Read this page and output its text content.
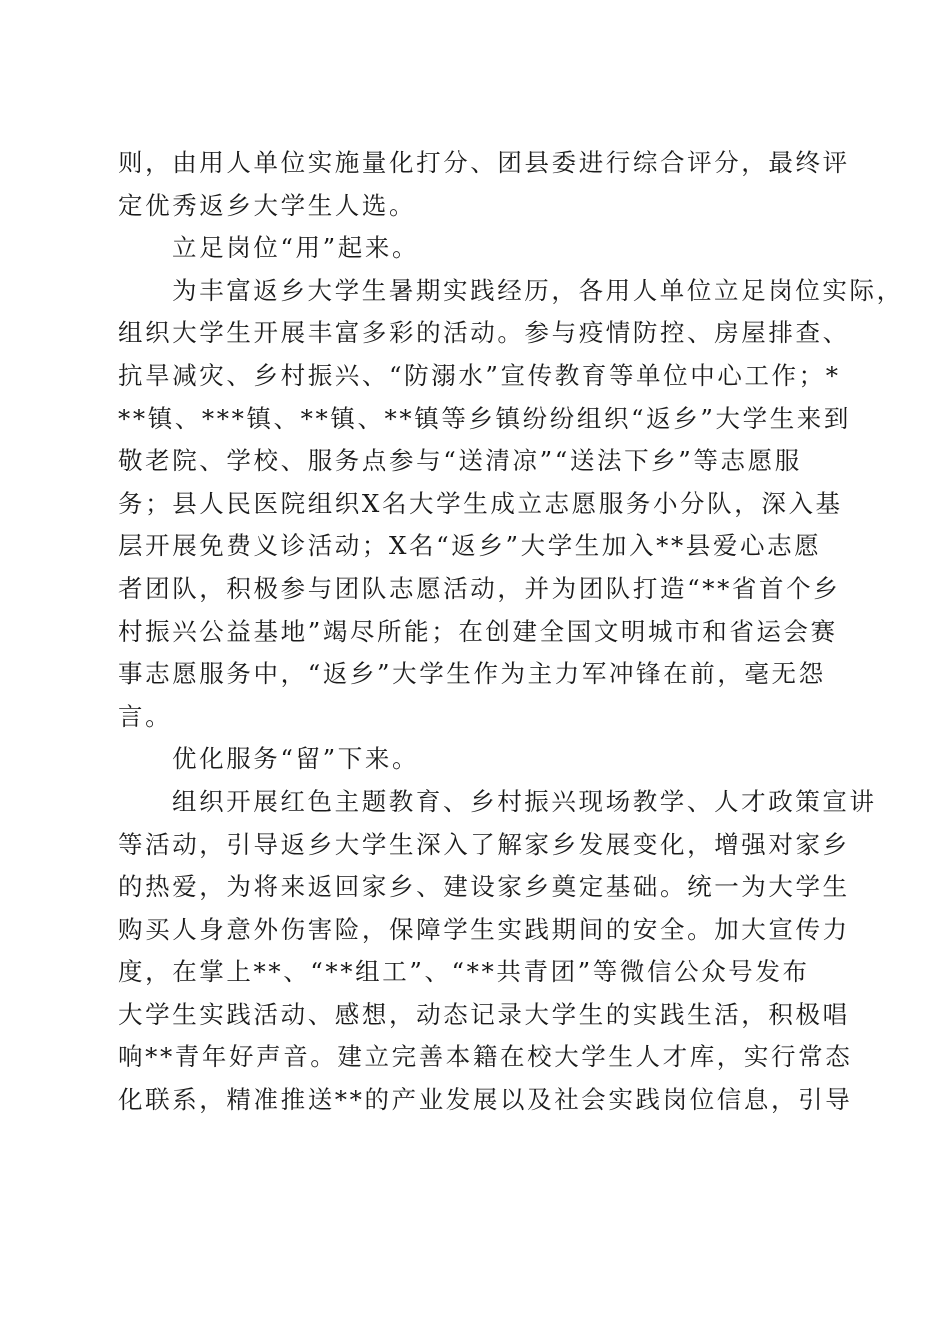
则，由用人单位实施量化打分、团县委进行综合评分，最终评
定优秀返乡大学生人选。
立足岗位“用”起来。
为丰富返乡大学生暑期实践经历，各用人单位立足岗位实际，
组织大学生开展丰富多彩的活动。参与疫情防控、房屋排查、
抗旱减灾、乡村振兴、“防溺水”宣传教育等单位中心工作；*
**镇、***镇、**镇、**镇等乡镇纷纷组织“返乡”大学生来到
敬老院、学校、服务点参与“送清凉”“送法下乡”等志愿服
务；县人民医院组织X名大学生成立志愿服务小分队，深入基
层开展免费义诊活动；X名“返乡”大学生加入**县爱心志愿
者团队，积极参与团队志愿活动，并为团队打造“**省首个乡
村振兴公益基地”竭尽所能；在创建全国文明城市和省运会赛
事志愿服务中，“返乡”大学生作为主力军冲锋在前，毫无怨
言。
优化服务“留”下来。
组织开展红色主题教育、乡村振兴现场教学、人才政策宣讲
等活动，引导返乡大学生深入了解家乡发展变化，增强对家乡
的热爱，为将来返回家乡、建设家乡奠定基础。统一为大学生
购买人身意外伤害险，保障学生实践期间的安全。加大宣传力
度，在掌上**、“**组工”、“**共青团”等微信公众号发布
大学生实践活动、感想，动态记录大学生的实践生活，积极唱
响**青年好声音。建立完善本籍在校大学生人才库，实行常态
化联系，精准推送**的产业发展以及社会实践岗位信息，引导
